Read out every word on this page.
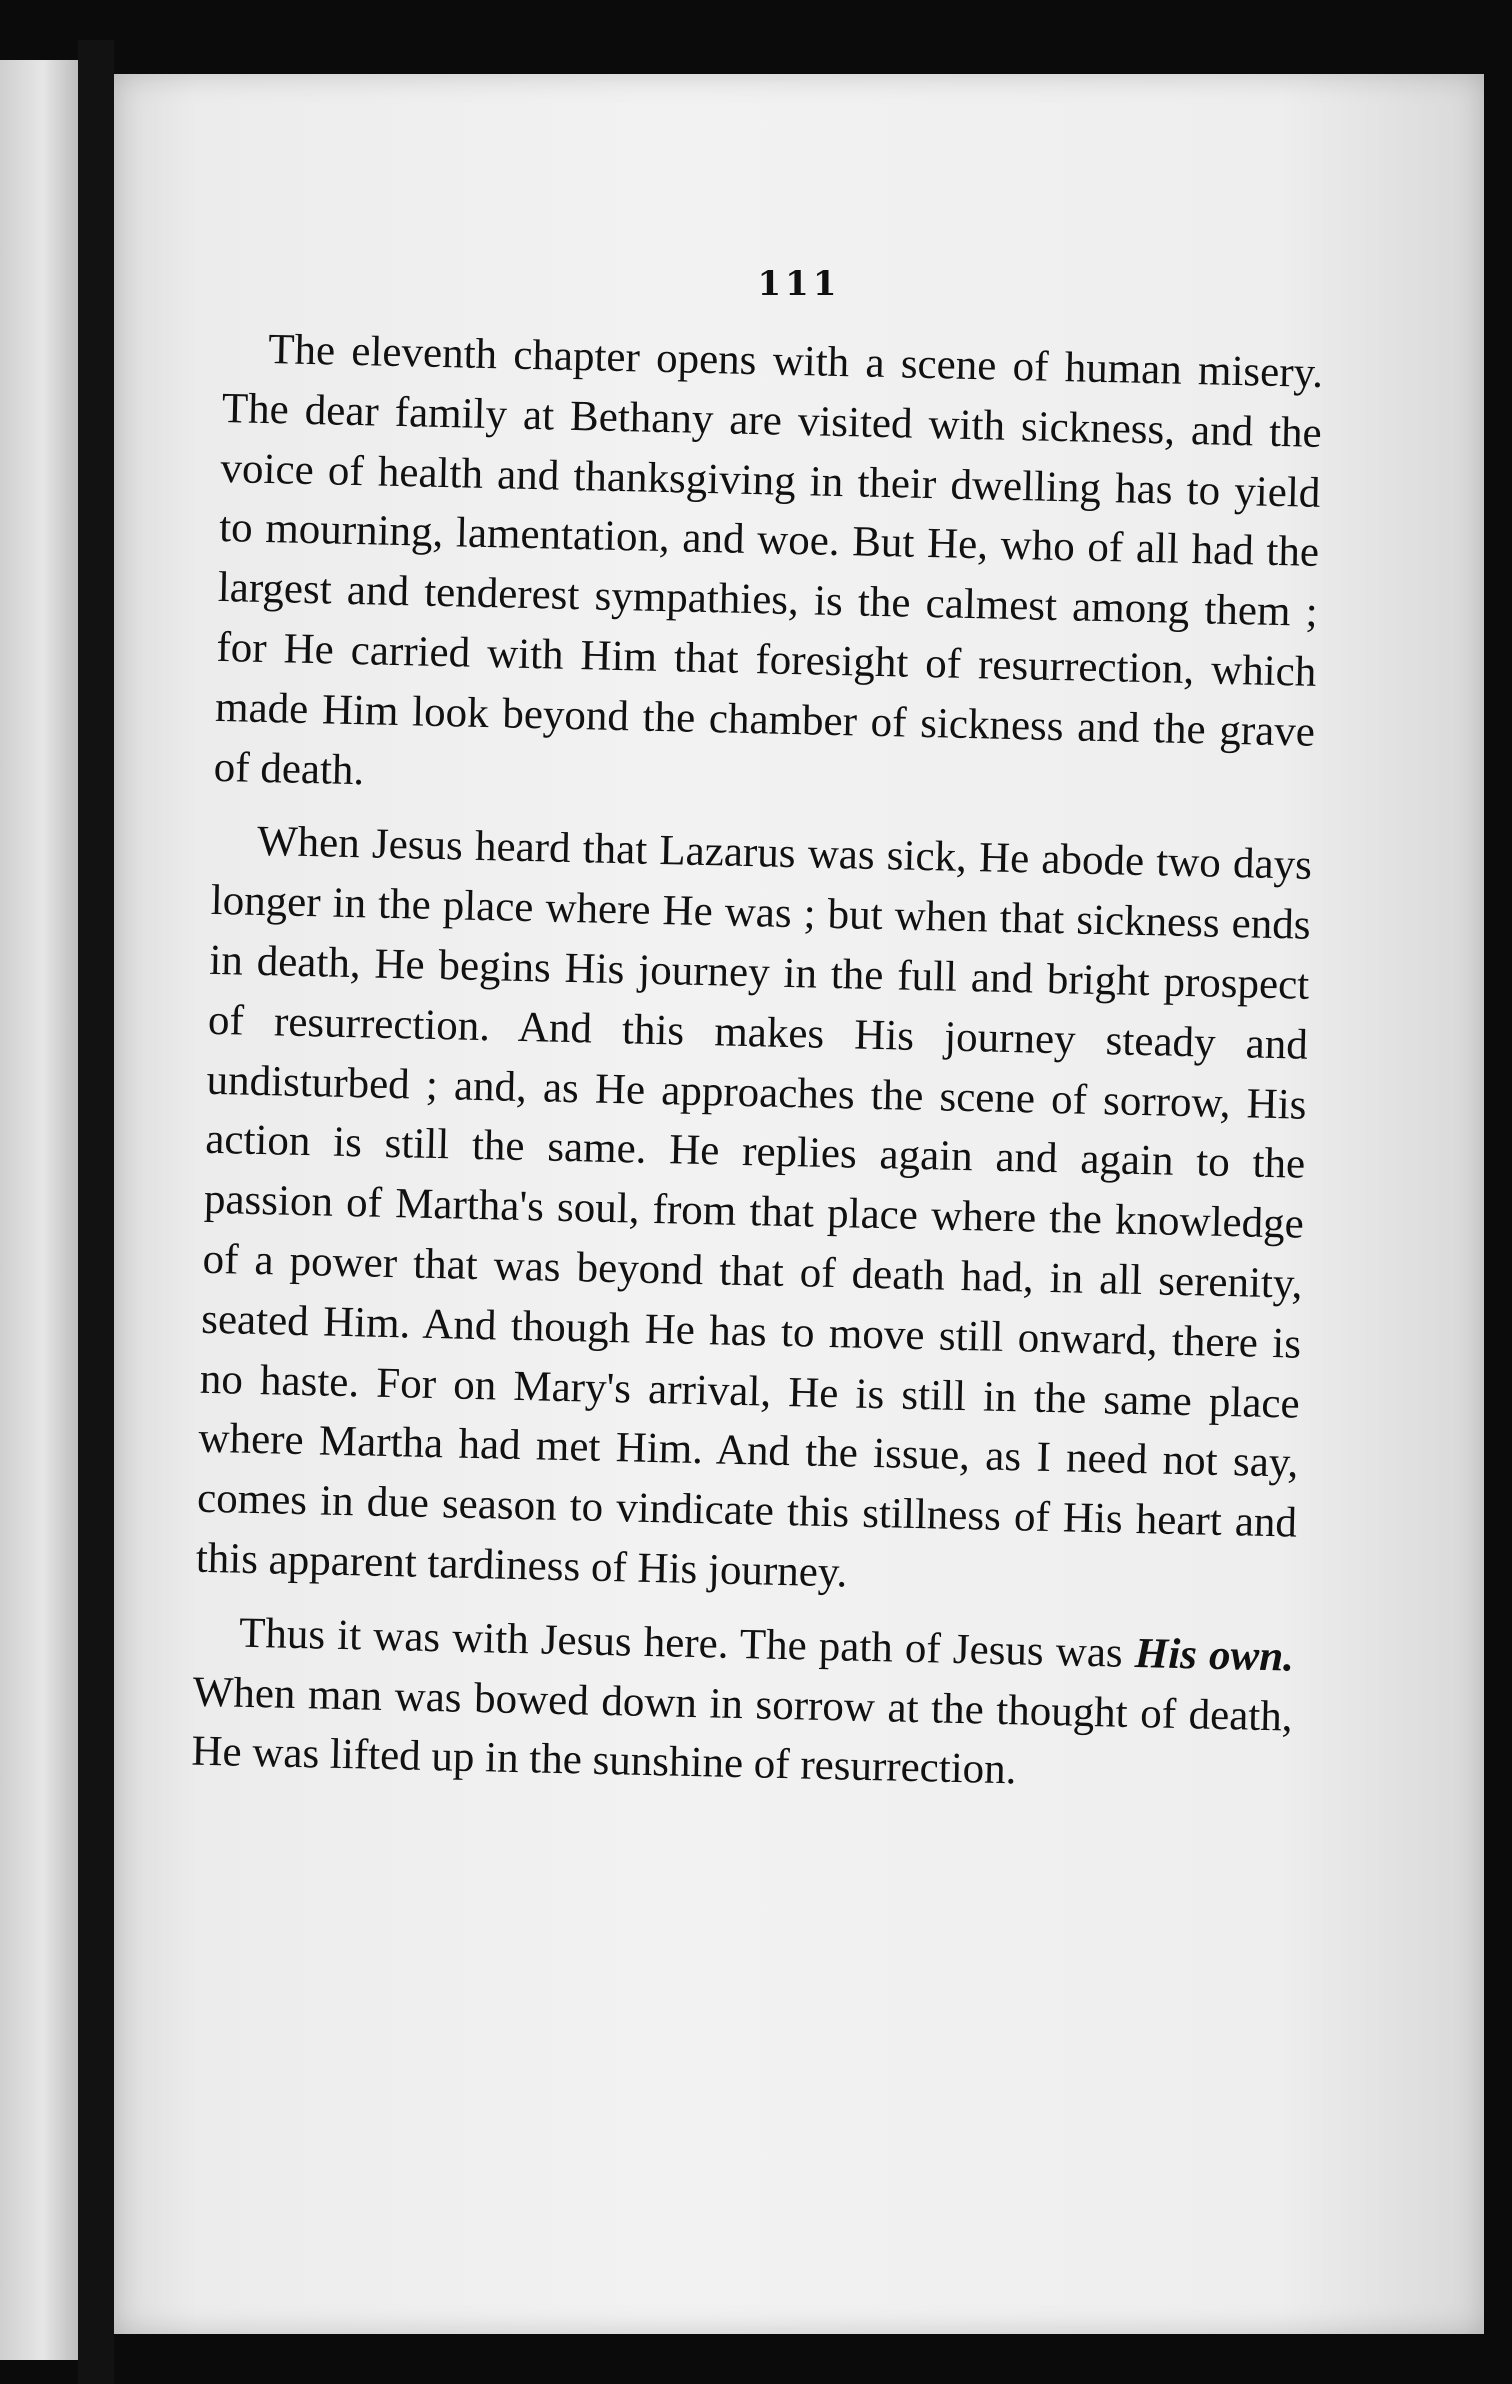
111

The eleventh chapter opens with a scene of human misery. The dear family at Bethany are visited with sickness, and the voice of health and thanksgiving in their dwelling has to yield to mourning, lamentation, and woe. But He, who of all had the largest and tenderest sympathies, is the calmest among them ; for He carried with Him that foresight of resurrection, which made Him look beyond the chamber of sickness and the grave of death.

When Jesus heard that Lazarus was sick, He abode two days longer in the place where He was ; but when that sickness ends in death, He begins His journey in the full and bright prospect of resurrection. And this makes His journey steady and undisturbed ; and, as He approaches the scene of sorrow, His action is still the same. He replies again and again to the passion of Martha's soul, from that place where the knowledge of a power that was beyond that of death had, in all serenity, seated Him. And though He has to move still onward, there is no haste. For on Mary's arrival, He is still in the same place where Martha had met Him. And the issue, as I need not say, comes in due season to vindicate this stillness of His heart and this apparent tardiness of His journey.

Thus it was with Jesus here. The path of Jesus was His own. When man was bowed down in sorrow at the thought of death, He was lifted up in the sunshine of resurrection.
